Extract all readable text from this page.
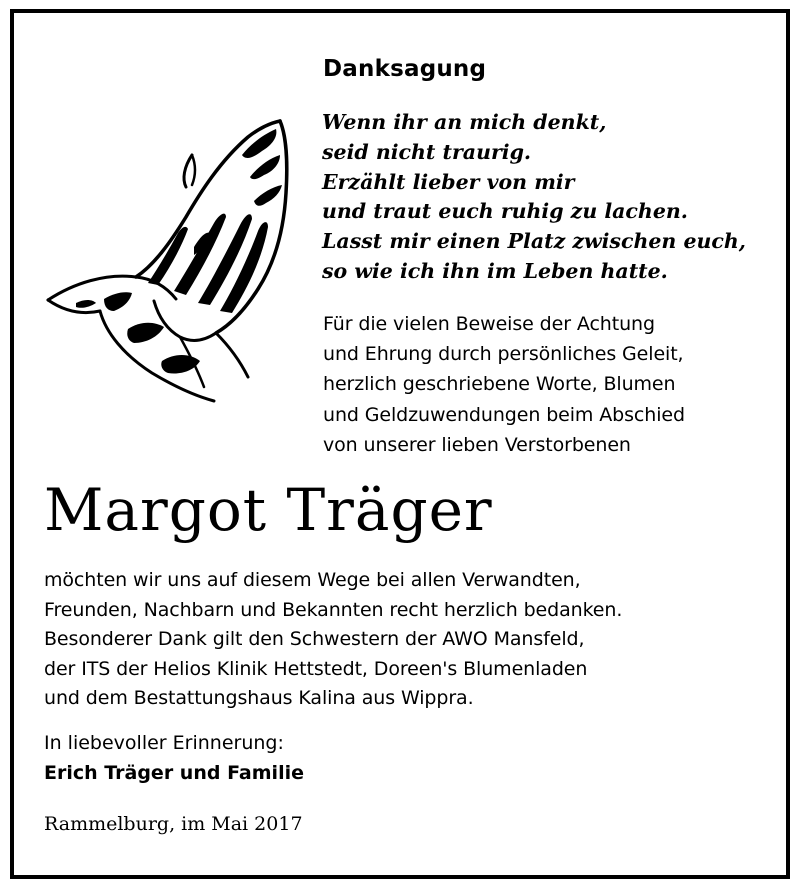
Danksagung
Wenn ihr an mich denkt,
seid nicht traurig.
Erzählt lieber von mir
und traut euch ruhig zu lachen.
Lasst mir einen Platz zwischen euch,
so wie ich ihn im Leben hatte.
Für die vielen Beweise der Achtung
und Ehrung durch persönliches Geleit,
herzlich geschriebene Worte, Blumen
und Geldzuwendungen beim Abschied
von unserer lieben Verstorbenen
Margot Träger
möchten wir uns auf diesem Wege bei allen Verwandten,
Freunden, Nachbarn und Bekannten recht herzlich bedanken.
Besonderer Dank gilt den Schwestern der AWO Mansfeld,
der ITS der Helios Klinik Hettstedt, Doreen's Blumenladen
und dem Bestattungshaus Kalina aus Wippra.
In liebevoller Erinnerung:
Erich Träger und Familie
Rammelburg, im Mai 2017
